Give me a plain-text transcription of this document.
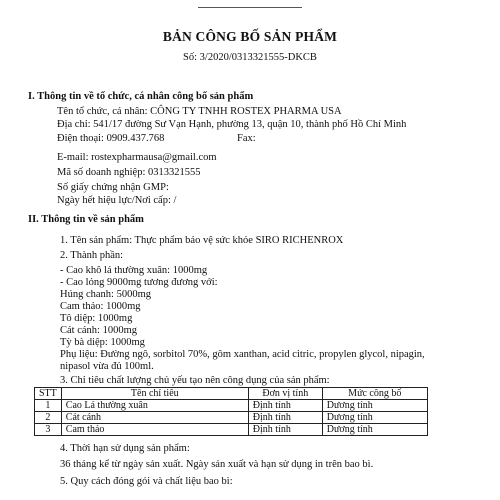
BẢN CÔNG BỐ SẢN PHẨM
Số: 3/2020/0313321555-DKCB
I. Thông tin về tổ chức, cá nhân công bố sản phẩm
Tên tổ chức, cá nhân: CÔNG TY TNHH ROSTEX PHARMA USA
Địa chỉ: 541/17 đường Sư Vạn Hạnh, phường 13, quận 10, thành phố Hồ Chí Minh
Điện thoại: 0909.437.768	Fax:
E-mail: rostexpharmausa@gmail.com
Mã số doanh nghiệp: 0313321555
Số giấy chứng nhận GMP:
Ngày hết hiệu lực/Nơi cấp: /
II. Thông tin về sản phẩm
1. Tên sản phẩm: Thực phẩm bảo vệ sức khỏe SIRO RICHENROX
2. Thành phần:
- Cao khô lá thường xuân: 1000mg
- Cao lỏng 9000mg tương đương với:
Húng chanh: 5000mg
Cam thảo: 1000mg
Tô diệp: 1000mg
Cát cánh: 1000mg
Tỳ bà diệp: 1000mg
Phụ liệu: Đường ngô, sorbitol 70%, gôm xanthan, acid citric, propylen glycol, nipagin,
nipasol vừa đủ 100ml.
3. Chỉ tiêu chất lượng chủ yếu tạo nên công dụng của sản phẩm:
STT	Tên chỉ tiêu	Đơn vị tính	Mức công bố
1	Cao Lá thường xuân	Định tính	Dương tính
2	Cát cánh	Định tính	Dương tính
3	Cam thảo	Định tính	Dương tính
4. Thời hạn sử dụng sản phẩm:
36 tháng kể từ ngày sản xuất. Ngày sản xuất và hạn sử dụng in trên bao bì.
5. Quy cách đóng gói và chất liệu bao bì:
